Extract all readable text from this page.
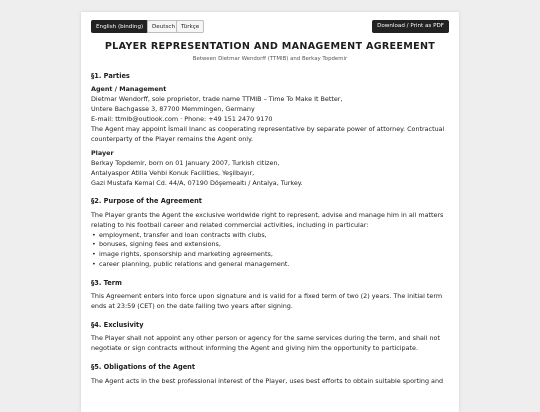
English (binding)	Deutsch	Türkçe	Download / Print as PDF
PLAYER REPRESENTATION AND MANAGEMENT AGREEMENT
Between Dietmar Wendorff (TTMIB) and Berkay Topdemir
§1. Parties

Agent / Management

Dietmar Wendorff, sole proprietor, trade name TTMIB – Time To Make It Better,

Untere Bachgasse 3, 87700 Memmingen, Germany

E-mail: ttmib@outlook.com · Phone: +49 151 2470 9170

The Agent may appoint İsmail Inanc as cooperating representative by separate power of attorney. Contractual counterparty of the Player remains the Agent only.

Player

Berkay Topdemir, born on 01 January 2007, Turkish citizen,

Antalyaspor Atilla Vehbi Konuk Facilities, Yeşilbayır,

Gazi Mustafa Kemal Cd. 44/A, 07190 Döşemealtı / Antalya, Turkey.

§2. Purpose of the Agreement

The Player grants the Agent the exclusive worldwide right to represent, advise and manage him in all matters relating to his football career and related commercial activities, including in particular:

• employment, transfer and loan contracts with clubs,
• bonuses, signing fees and extensions,
• image rights, sponsorship and marketing agreements,
• career planning, public relations and general management.
§3. Term

This Agreement enters into force upon signature and is valid for a fixed term of two (2) years. The initial term ends at 23:59 (CET) on the date falling two years after signing.

§4. Exclusivity

The Player shall not appoint any other person or agency for the same services during the term, and shall not negotiate or sign contracts without informing the Agent and giving him the opportunity to participate.

§5. Obligations of the Agent

The Agent acts in the best professional interest of the Player, uses best efforts to obtain suitable sporting and
